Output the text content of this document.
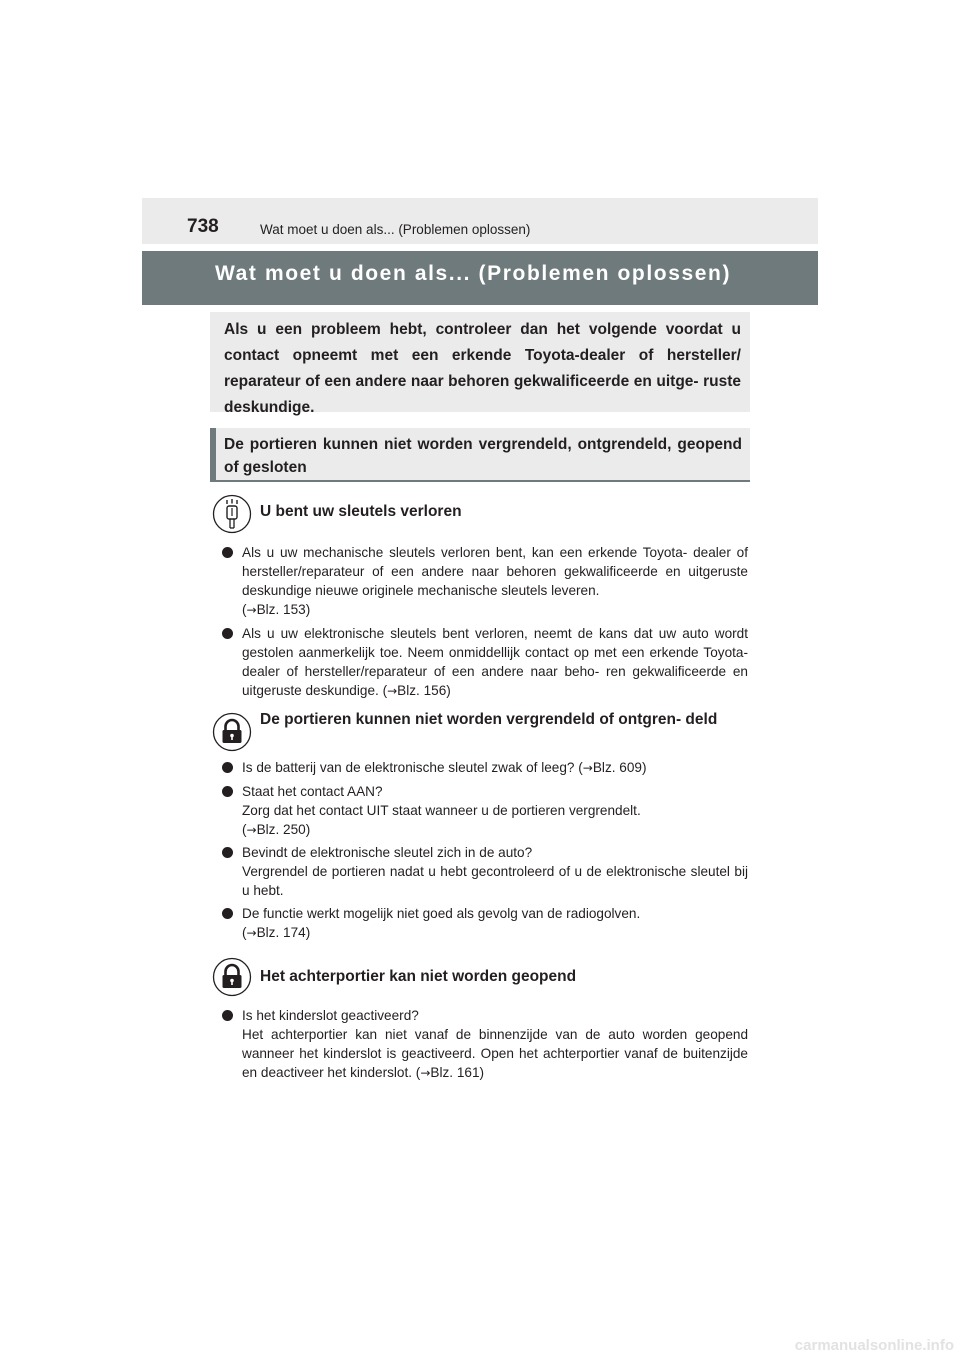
738	Wat moet u doen als... (Problemen oplossen)
Wat moet u doen als... (Problemen oplossen)
Als u een probleem hebt, controleer dan het volgende voordat u contact opneemt met een erkende Toyota-dealer of hersteller/ reparateur of een andere naar behoren gekwalificeerde en uitge- ruste deskundige.
De portieren kunnen niet worden vergrendeld, ontgrendeld, geopend of gesloten
U bent uw sleutels verloren
Als u uw mechanische sleutels verloren bent, kan een erkende Toyota- dealer of hersteller/reparateur of een andere naar behoren gekwalificeerde en uitgeruste deskundige nieuwe originele mechanische sleutels leveren.
(→Blz. 153)
Als u uw elektronische sleutels bent verloren, neemt de kans dat uw auto wordt gestolen aanmerkelijk toe. Neem onmiddellijk contact op met een erkende Toyota-dealer of hersteller/reparateur of een andere naar beho- ren gekwalificeerde en uitgeruste deskundige. (→Blz. 156)
De portieren kunnen niet worden vergrendeld of ontgren- deld
Is de batterij van de elektronische sleutel zwak of leeg? (→Blz. 609)
Staat het contact AAN?
Zorg dat het contact UIT staat wanneer u de portieren vergrendelt.
(→Blz. 250)
Bevindt de elektronische sleutel zich in de auto?
Vergrendel de portieren nadat u hebt gecontroleerd of u de elektronische sleutel bij u hebt.
De functie werkt mogelijk niet goed als gevolg van de radiogolven.
(→Blz. 174)
Het achterportier kan niet worden geopend
Is het kinderslot geactiveerd?
Het achterportier kan niet vanaf de binnenzijde van de auto worden geopend wanneer het kinderslot is geactiveerd. Open het achterportier vanaf de buitenzijde en deactiveer het kinderslot. (→Blz. 161)
carmanualsonline.info
